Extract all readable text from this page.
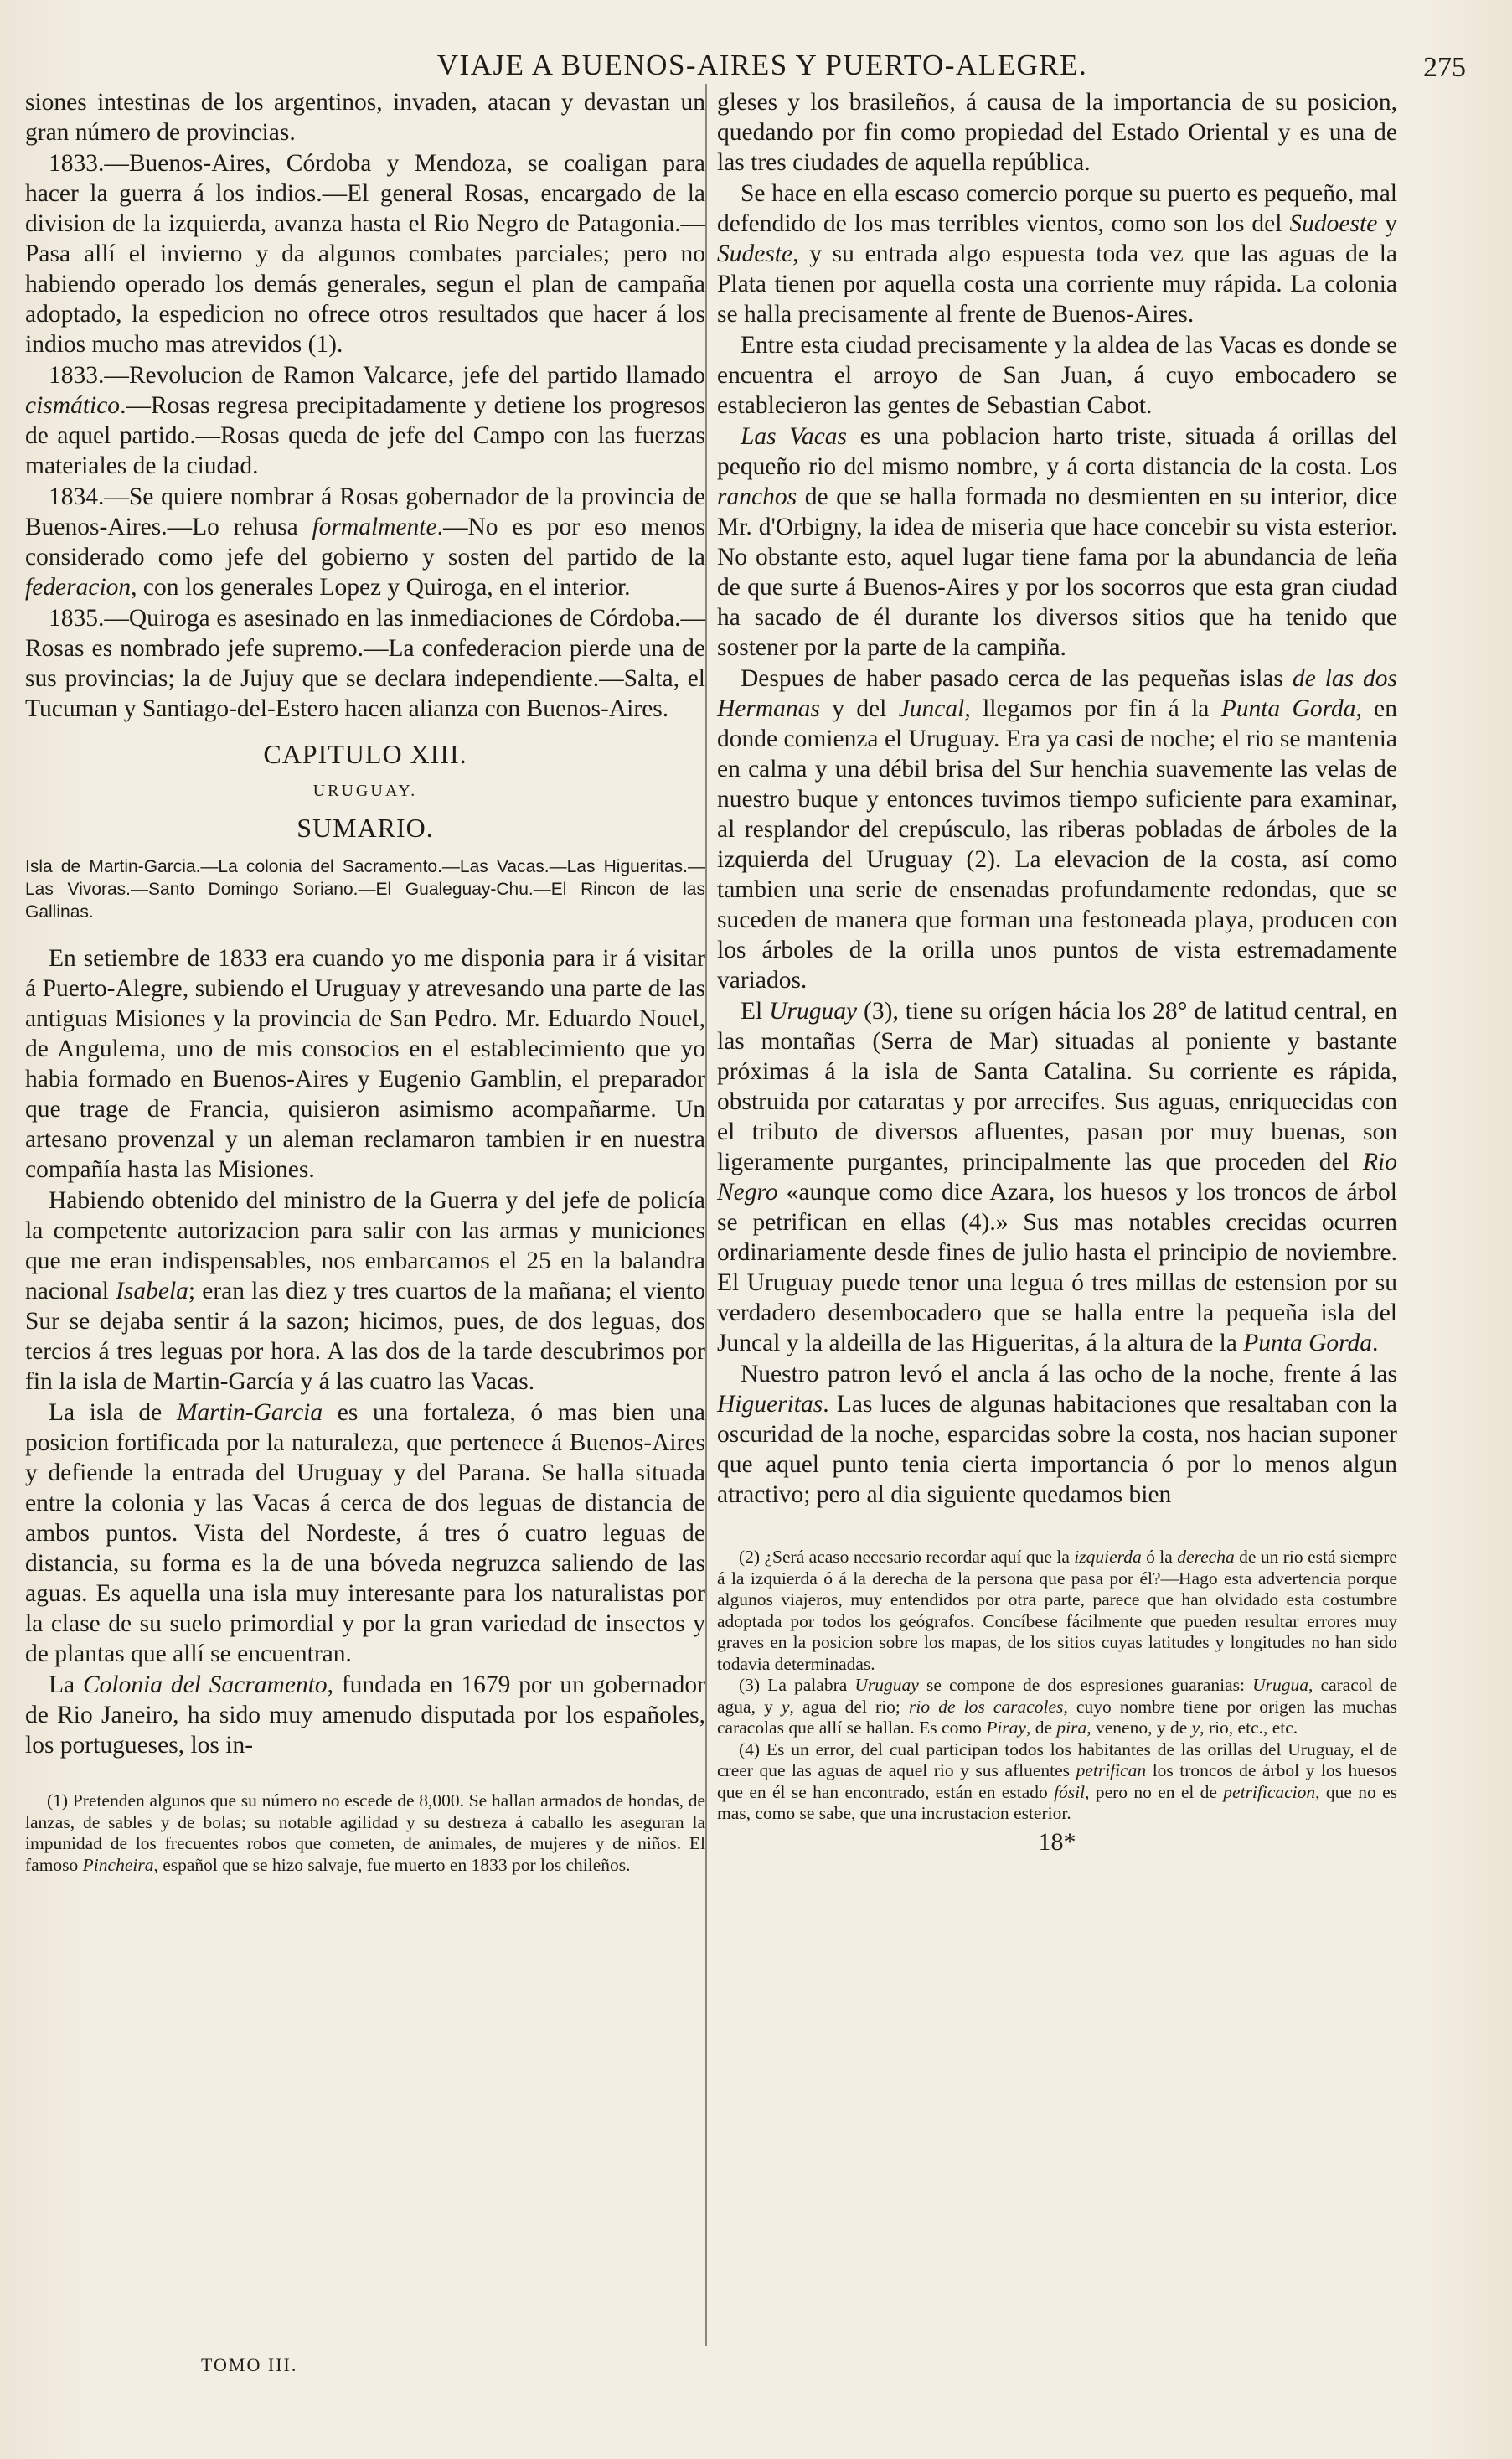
VIAJE A BUENOS-AIRES Y PUERTO-ALEGRE.	275

siones intestinas de los argentinos, invaden, atacan y devastan un gran número de provincias.

1833.—Buenos-Aires, Córdoba y Mendoza, se coaligan para hacer la guerra á los indios.—El general Rosas, encargado de la division de la izquierda, avanza hasta el Rio Negro de Patagonia.—Pasa allí el invierno y da algunos combates parciales; pero no habiendo operado los demás generales, segun el plan de campaña adoptado, la espedicion no ofrece otros resultados que hacer á los indios mucho mas atrevidos (1).

1833.—Revolucion de Ramon Valcarce, jefe del partido llamado cismático.—Rosas regresa precipitadamente y detiene los progresos de aquel partido.—Rosas queda de jefe del Campo con las fuerzas materiales de la ciudad.

1834.—Se quiere nombrar á Rosas gobernador de la provincia de Buenos-Aires.—Lo rehusa formalmente.—No es por eso menos considerado como jefe del gobierno y sosten del partido de la federacion, con los generales Lopez y Quiroga, en el interior.

1835.—Quiroga es asesinado en las inmediaciones de Córdoba.—Rosas es nombrado jefe supremo.—La confederacion pierde una de sus provincias; la de Jujuy que se declara independiente.—Salta, el Tucuman y Santiago-del-Estero hacen alianza con Buenos-Aires.

CAPITULO XIII.
URUGUAY.
SUMARIO.

Isla de Martin-Garcia.—La colonia del Sacramento.—Las Vacas.—Las Higueritas.—Las Vivoras.—Santo Domingo Soriano.—El Gualeguay-Chu.—El Rincon de las Gallinas.

En setiembre de 1833 era cuando yo me disponia para ir á visitar á Puerto-Alegre, subiendo el Uruguay y atrevesando una parte de las antiguas Misiones y la provincia de San Pedro. Mr. Eduardo Nouel, de Angulema, uno de mis consocios en el establecimiento que yo habia formado en Buenos-Aires y Eugenio Gamblin, el preparador que trage de Francia, quisieron asimismo acompañarme. Un artesano provenzal y un aleman reclamaron tambien ir en nuestra compañía hasta las Misiones.

Habiendo obtenido del ministro de la Guerra y del jefe de policía la competente autorizacion para salir con las armas y municiones que me eran indispensables, nos embarcamos el 25 en la balandra nacional Isabela; eran las diez y tres cuartos de la mañana; el viento Sur se dejaba sentir á la sazon; hicimos, pues, de dos leguas, dos tercios á tres leguas por hora. A las dos de la tarde descubrimos por fin la isla de Martin-García y á las cuatro las Vacas.

La isla de Martin-Garcia es una fortaleza, ó mas bien una posicion fortificada por la naturaleza, que pertenece á Buenos-Aires y defiende la entrada del Uruguay y del Parana. Se halla situada entre la colonia y las Vacas á cerca de dos leguas de distancia de ambos puntos. Vista del Nordeste, á tres ó cuatro leguas de distancia, su forma es la de una bóveda negruzca saliendo de las aguas. Es aquella una isla muy interesante para los naturalistas por la clase de su suelo primordial y por la gran variedad de insectos y de plantas que allí se encuentran.

La Colonia del Sacramento, fundada en 1679 por un gobernador de Rio Janeiro, ha sido muy amenudo disputada por los españoles, los portugueses, los in-

(1) Pretenden algunos que su número no escede de 8,000. Se hallan armados de hondas, de lanzas, de sables y de bolas; su notable agilidad y su destreza á caballo les aseguran la impunidad de los frecuentes robos que cometen, de animales, de mujeres y de niños. El famoso Pincheira, español que se hizo salvaje, fue muerto en 1833 por los chileños.

TOMO III.

gleses y los brasileños, á causa de la importancia de su posicion, quedando por fin como propiedad del Estado Oriental y es una de las tres ciudades de aquella república.

Se hace en ella escaso comercio porque su puerto es pequeño, mal defendido de los mas terribles vientos, como son los del Sudoeste y Sudeste, y su entrada algo espuesta toda vez que las aguas de la Plata tienen por aquella costa una corriente muy rápida. La colonia se halla precisamente al frente de Buenos-Aires.

Entre esta ciudad precisamente y la aldea de las Vacas es donde se encuentra el arroyo de San Juan, á cuyo embocadero se establecieron las gentes de Sebastian Cabot.

Las Vacas es una poblacion harto triste, situada á orillas del pequeño rio del mismo nombre, y á corta distancia de la costa. Los ranchos de que se halla formada no desmienten en su interior, dice Mr. d'Orbigny, la idea de miseria que hace concebir su vista esterior. No obstante esto, aquel lugar tiene fama por la abundancia de leña de que surte á Buenos-Aires y por los socorros que esta gran ciudad ha sacado de él durante los diversos sitios que ha tenido que sostener por la parte de la campiña.

Despues de haber pasado cerca de las pequeñas islas de las dos Hermanas y del Juncal, llegamos por fin á la Punta Gorda, en donde comienza el Uruguay. Era ya casi de noche; el rio se mantenia en calma y una débil brisa del Sur henchia suavemente las velas de nuestro buque y entonces tuvimos tiempo suficiente para examinar, al resplandor del crepúsculo, las riberas pobladas de árboles de la izquierda del Uruguay (2). La elevacion de la costa, así como tambien una serie de ensenadas profundamente redondas, que se suceden de manera que forman una festoneada playa, producen con los árboles de la orilla unos puntos de vista estremadamente variados.

El Uruguay (3), tiene su orígen hácia los 28° de latitud central, en las montañas (Serra de Mar) situadas al poniente y bastante próximas á la isla de Santa Catalina. Su corriente es rápida, obstruida por cataratas y por arrecifes. Sus aguas, enriquecidas con el tributo de diversos afluentes, pasan por muy buenas, son ligeramente purgantes, principalmente las que proceden del Rio Negro «aunque como dice Azara, los huesos y los troncos de árbol se petrifican en ellas (4).» Sus mas notables crecidas ocurren ordinariamente desde fines de julio hasta el principio de noviembre. El Uruguay puede tenor una legua ó tres millas de estension por su verdadero desembocadero que se halla entre la pequeña isla del Juncal y la aldeilla de las Higueritas, á la altura de la Punta Gorda.

Nuestro patron levó el ancla á las ocho de la noche, frente á las Higueritas. Las luces de algunas habitaciones que resaltaban con la oscuridad de la noche, esparcidas sobre la costa, nos hacian suponer que aquel punto tenia cierta importancia ó por lo menos algun atractivo; pero al dia siguiente quedamos bien

(2) ¿Será acaso necesario recordar aquí que la izquierda ó la derecha de un rio está siempre á la izquierda ó á la derecha de la persona que pasa por él?—Hago esta advertencia porque algunos viajeros, muy entendidos por otra parte, parece que han olvidado esta costumbre adoptada por todos los geógrafos. Concíbese fácilmente que pueden resultar errores muy graves en la posicion sobre los mapas, de los sitios cuyas latitudes y longitudes no han sido todavia determinadas.

(3) La palabra Uruguay se compone de dos espresiones guaranias: Urugua, caracol de agua, y y, agua del rio; rio de los caracoles, cuyo nombre tiene por origen las muchas caracolas que allí se hallan. Es como Piray, de pira, veneno, y de y, rio, etc., etc.

(4) Es un error, del cual participan todos los habitantes de las orillas del Uruguay, el de creer que las aguas de aquel rio y sus afluentes petrifican los troncos de árbol y los huesos que en él se han encontrado, están en estado fósil, pero no en el de petrificacion, que no es mas, como se sabe, que una incrustacion esterior.

18*
